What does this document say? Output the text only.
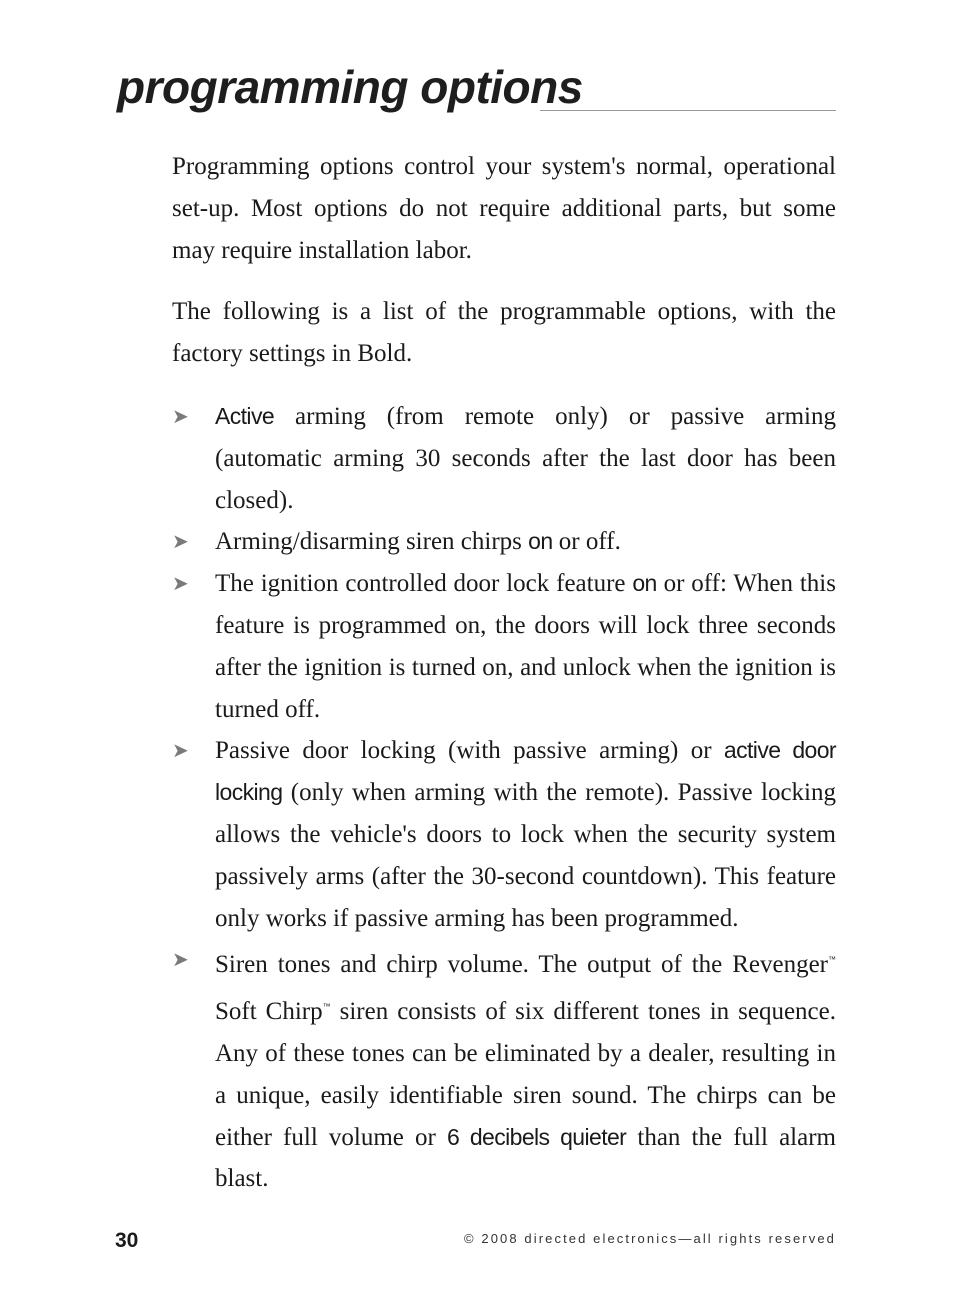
programming options

Programming options control your system's normal, operational set-up. Most options do not require additional parts, but some may require installation labor.

The following is a list of the programmable options, with the factory settings in Bold.

➤	Active arming (from remote only) or passive arming (automatic arming 30 seconds after the last door has been closed).
➤ Arming/disarming siren chirps on or off.
➤ The ignition controlled door lock feature on or off: When this feature is programmed on, the doors will lock three seconds after the ignition is turned on, and unlock when the ignition is turned off.
➤ Passive door locking (with passive arming) or active door locking (only when arming with the remote). Passive locking allows the vehicle's doors to lock when the security system passively arms (after the 30-second countdown). This feature only works if passive arming has been programmed.
➤ Siren tones and chirp volume. The output of the Revenger™ Soft Chirp™ siren consists of six different tones in sequence. Any of these tones can be eliminated by a dealer, resulting in a unique, easily identifiable siren sound. The chirps can be either full volume or 6 decibels quieter than the full alarm blast.
30	© 2008 directed electronics—all rights reserved
